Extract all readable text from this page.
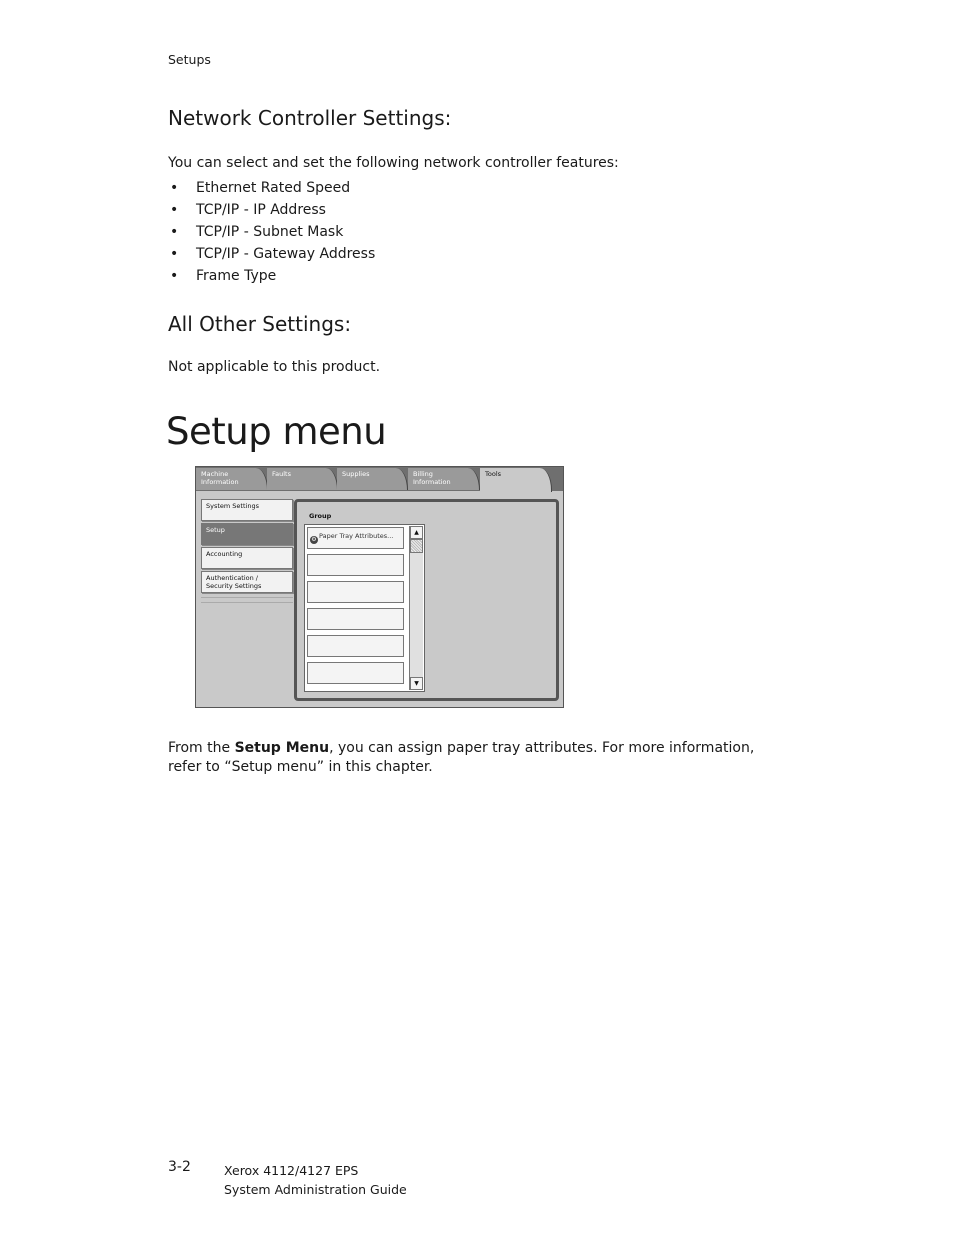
Setups
Network Controller Settings:
You can select and set the following network controller features:
• Ethernet Rated Speed
• TCP/IP - IP Address
• TCP/IP - Subnet Mask
• TCP/IP - Gateway Address
• Frame Type
All Other Settings:
Not applicable to this product.
Setup menu
Machine
Information
Faults	Supplies	Billing
Information
Tools
System Settings
Setup
Accounting
Authentication /
Security Settings
Group
⚙ Paper Tray Attributes...	▲
▼
From the Setup Menu, you can assign paper tray attributes. For more information, refer to “Setup menu” in this chapter.
3-2	Xerox 4112/4127 EPS
System Administration Guide
